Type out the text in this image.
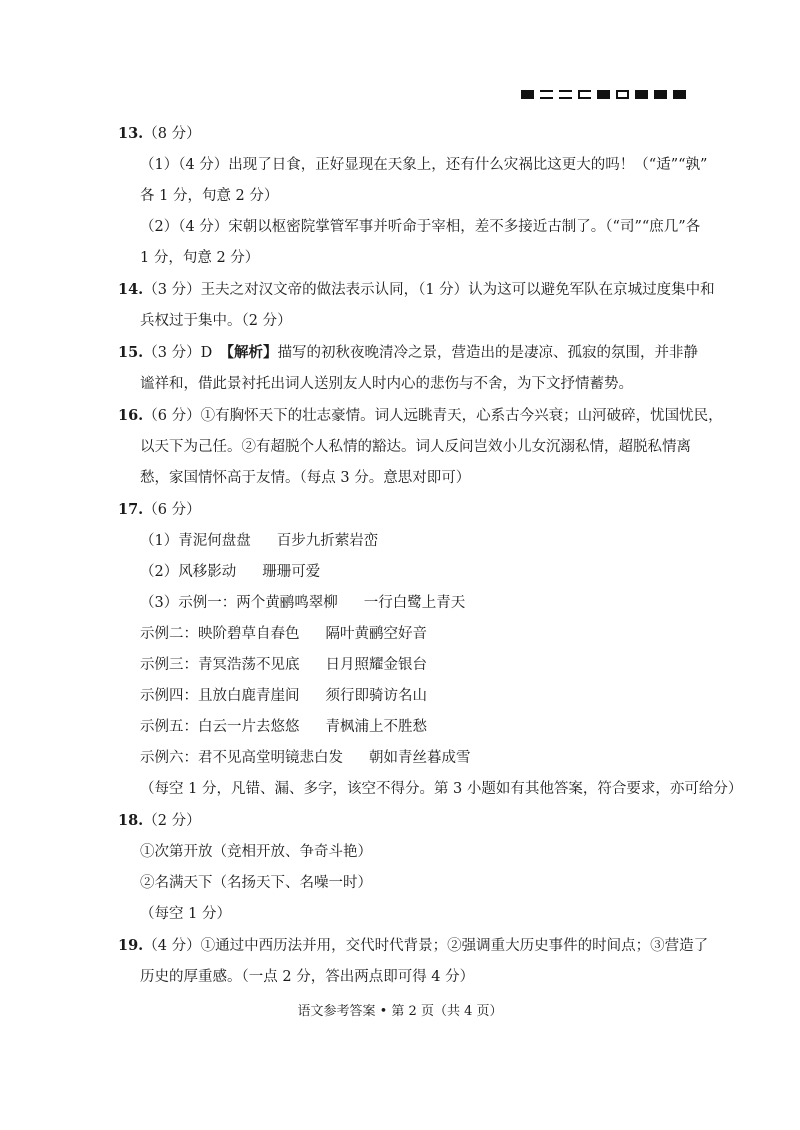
13.（8 分）
（1）（4 分）出现了日食，正好显现在天象上，还有什么灾祸比这更大的吗！（“适”“孰”
各 1 分，句意 2 分）
（2）（4 分）宋朝以枢密院掌管军事并听命于宰相，差不多接近古制了。（“司”“庶几”各
1 分，句意 2 分）
14.（3 分）王夫之对汉文帝的做法表示认同，（1 分）认为这可以避免军队在京城过度集中和
兵权过于集中。（2 分）
15.（3 分）D　【解析】描写的初秋夜晚清冷之景，营造出的是凄凉、孤寂的氛围，并非静
谧祥和，借此景衬托出词人送别友人时内心的悲伤与不舍，为下文抒情蓄势。
16.（6 分）①有胸怀天下的壮志豪情。词人远眺青天，心系古今兴衰；山河破碎，忧国忧民，
以天下为己任。②有超脱个人私情的豁达。词人反问岂效小儿女沉溺私情，超脱私情离
愁，家国情怀高于友情。（每点 3 分。意思对即可）
17.（6 分）
（1）青泥何盘盘 百步九折萦岩峦
（2）风移影动 珊珊可爱
（3）示例一：两个黄鹂鸣翠柳 一行白鹭上青天
示例二：映阶碧草自春色 隔叶黄鹂空好音
示例三：青冥浩荡不见底 日月照耀金银台
示例四：且放白鹿青崖间 须行即骑访名山
示例五：白云一片去悠悠 青枫浦上不胜愁
示例六：君不见高堂明镜悲白发 朝如青丝暮成雪
（每空 1 分，凡错、漏、多字，该空不得分。第 3 小题如有其他答案，符合要求，亦可给分）
18.（2 分）
①次第开放（竞相开放、争奇斗艳）
②名满天下（名扬天下、名噪一时）
（每空 1 分）
19.（4 分）①通过中西历法并用，交代时代背景；②强调重大历史事件的时间点；③营造了
历史的厚重感。（一点 2 分，答出两点即可得 4 分）
语文参考答案 • 第 2 页（共 4 页）
